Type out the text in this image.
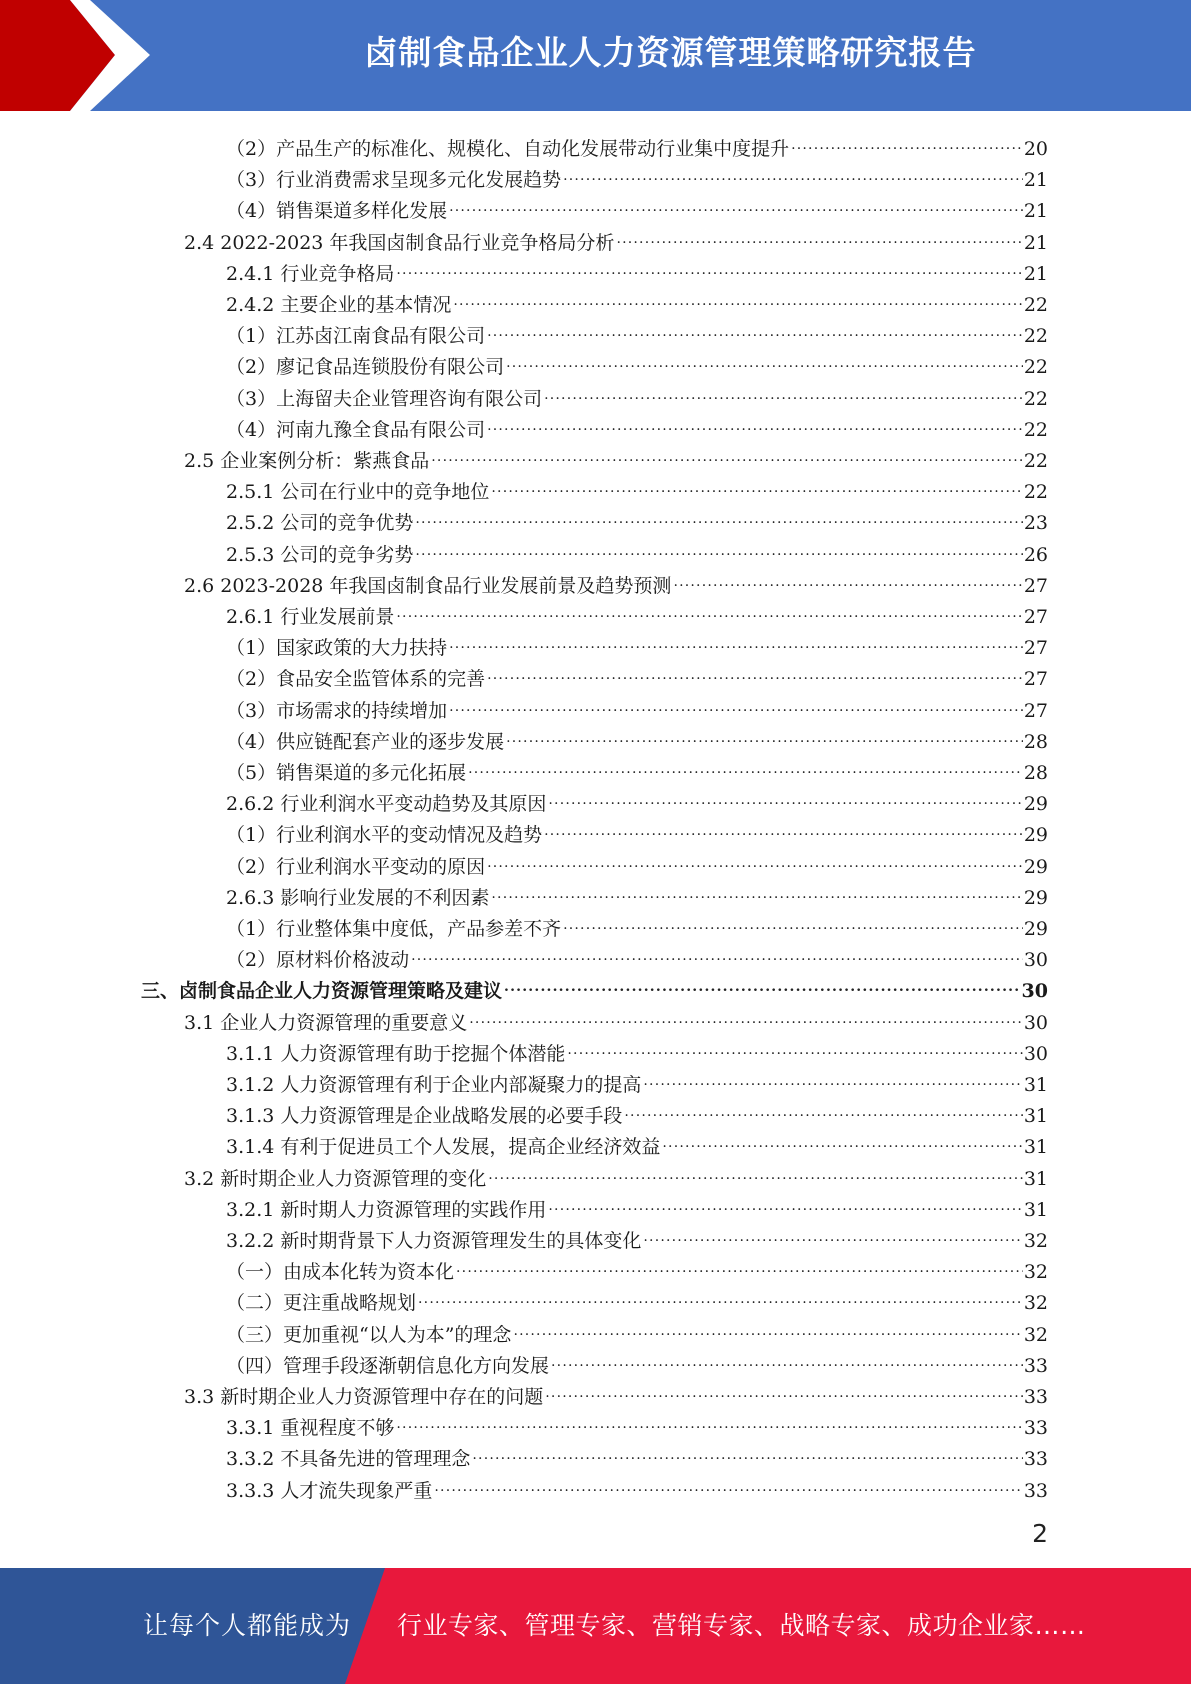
卤制食品企业人力资源管理策略研究报告
（2）产品生产的标准化、规模化、自动化发展带动行业集中度提升 .....	20
（3）行业消费需求呈现多元化发展趋势 .....	21
（4）销售渠道多样化发展 .....	21
2.4 2022-2023 年我国卤制食品行业竞争格局分析 .....	21
2.4.1 行业竞争格局 .....	21
2.4.2 主要企业的基本情况 .....	22
（1）江苏卤江南食品有限公司 .....	22
（2）廖记食品连锁股份有限公司 .....	22
（3）上海留夫企业管理咨询有限公司 .....	22
（4）河南九豫全食品有限公司 .....	22
2.5 企业案例分析：紫燕食品 .....	22
2.5.1 公司在行业中的竞争地位 .....	22
2.5.2 公司的竞争优势 .....	23
2.5.3 公司的竞争劣势 .....	26
2.6 2023-2028 年我国卤制食品行业发展前景及趋势预测 .....	27
2.6.1 行业发展前景 .....	27
（1）国家政策的大力扶持 .....	27
（2）食品安全监管体系的完善 .....	27
（3）市场需求的持续增加 .....	27
（4）供应链配套产业的逐步发展 .....	28
（5）销售渠道的多元化拓展 .....	28
2.6.2 行业利润水平变动趋势及其原因 .....	29
（1）行业利润水平的变动情况及趋势 .....	29
（2）行业利润水平变动的原因 .....	29
2.6.3 影响行业发展的不利因素 .....	29
（1）行业整体集中度低，产品参差不齐 .....	29
（2）原材料价格波动 .....	30
三、卤制食品企业人力资源管理策略及建议 .....	30
3.1 企业人力资源管理的重要意义 .....	30
3.1.1 人力资源管理有助于挖掘个体潜能 .....	30
3.1.2 人力资源管理有利于企业内部凝聚力的提高 .....	31
3.1.3 人力资源管理是企业战略发展的必要手段 .....	31
3.1.4 有利于促进员工个人发展，提高企业经济效益 .....	31
3.2 新时期企业人力资源管理的变化 .....	31
3.2.1 新时期人力资源管理的实践作用 .....	31
3.2.2 新时期背景下人力资源管理发生的具体变化 .....	32
（一）由成本化转为资本化 .....	32
（二）更注重战略规划 .....	32
（三）更加重视“以人为本”的理念 .....	32
（四）管理手段逐渐朝信息化方向发展 .....	33
3.3 新时期企业人力资源管理中存在的问题 .....	33
3.3.1 重视程度不够 .....	33
3.3.2 不具备先进的管理理念 .....	33
3.3.3 人才流失现象严重 .....	33
2
让每个人都能成为 行业专家、管理专家、营销专家、战略专家、成功企业家……
